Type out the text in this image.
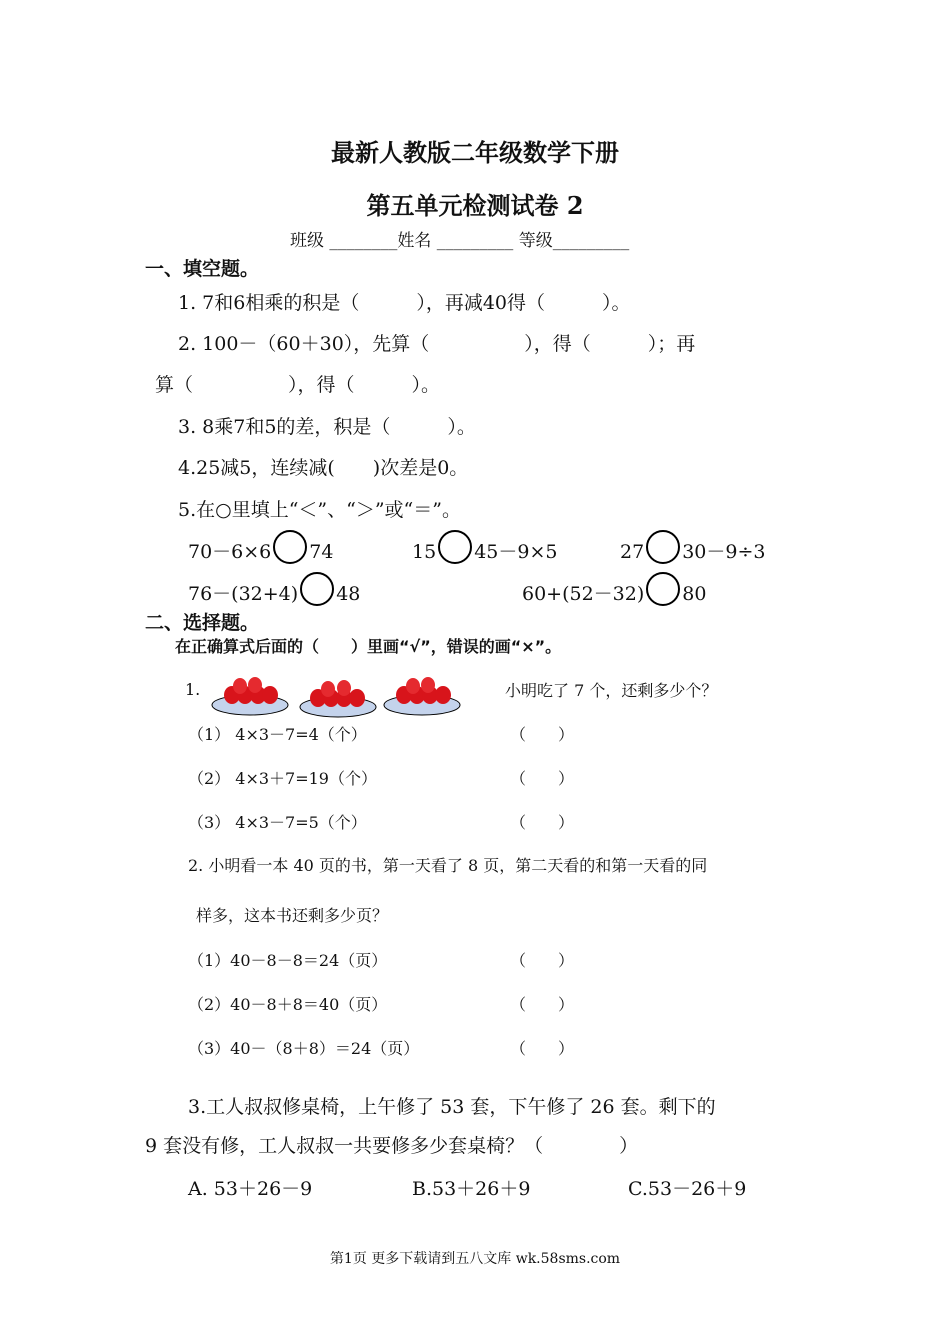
最新人教版二年级数学下册
第五单元检测试卷 2
班级 ________姓名 _________ 等级_________
一、填空题。
1. 7和6相乘的积是（　　　），再减40得（　　　）。
2. 100－（60＋30），先算（　　　　　），得（　　　）；再
算（　　　　　），得（　　　）。
3. 8乘7和5的差，积是（　　　）。
4.25减5，连续减(　　)次差是0。
5.在○里填上“＜”、“＞”或“＝”。
70－6×6 74	15 45－9×5	27 30－9÷3
76－(32+4) 48	60+(52－32) 80
二、选择题。
在正确算式后面的（　　）里画“√”，错误的画“×”。
1.	小明吃了 7 个，还剩多少个？
（1） 4×3－7=4（个）	（　　）
（2） 4×3＋7=19（个）	（　　）
（3） 4×3－7=5（个）	（　　）
2. 小明看一本 40 页的书，第一天看了 8 页，第二天看的和第一天看的同
样多，这本书还剩多少页？
（1）40－8－8＝24（页）	（　　）
（2）40－8＋8＝40（页）	（　　）
（3）40－（8＋8）＝24（页）	（　　）
3.工人叔叔修桌椅，上午修了 53 套，下午修了 26 套。剩下的
9 套没有修，工人叔叔一共要修多少套桌椅？（　　　　）
A. 53＋26－9	B.53＋26＋9	C.53－26＋9
第1页 更多下载请到五八文库 wk.58sms.com
